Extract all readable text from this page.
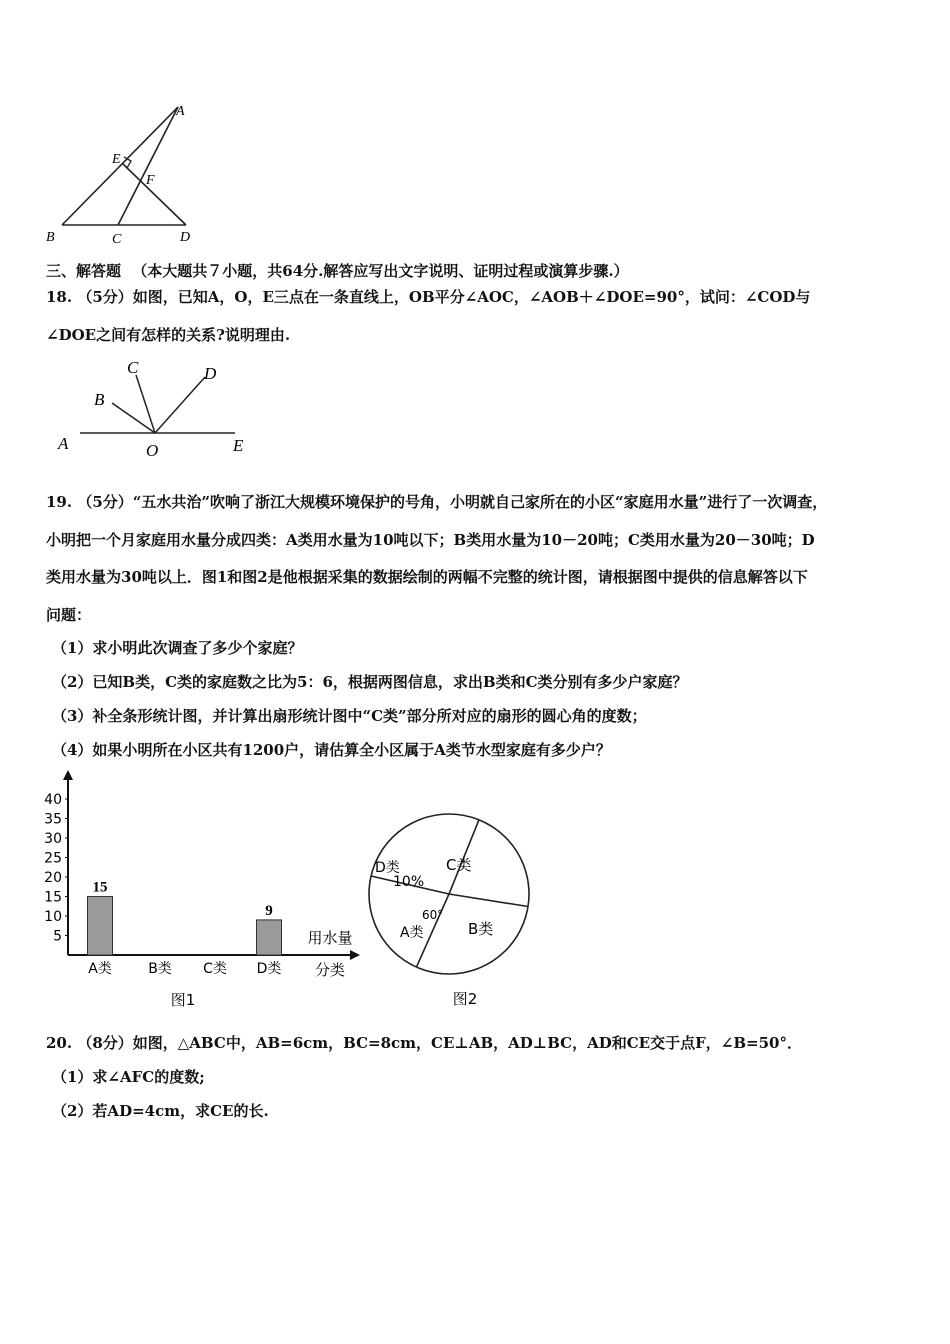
A
E
F
B	C	D
三、解答题 （本大题共７小题，共64分.解答应写出文字说明、证明过程或演算步骤.）
18. （5分）如图，已知A，O，E三点在一条直线上，OB平分∠AOC，∠AOB＋∠DOE=90°，试问：∠COD与
∠DOE之间有怎样的关系?说明理由.
C	D
B
A	O	E
19. （5分）“五水共治”吹响了浙江大规模环境保护的号角，小明就自己家所在的小区“家庭用水量”进行了一次调查，
小明把一个月家庭用水量分成四类：A类用水量为10吨以下；B类用水量为10－20吨；C类用水量为20－30吨；D
类用水量为30吨以上．图1和图2是他根据采集的数据绘制的两幅不完整的统计图，请根据图中提供的信息解答以下
问题：
（1）求小明此次调查了多少个家庭？
（2）已知B类，C类的家庭数之比为5：6，根据两图信息，求出B类和C类分别有多少户家庭？
（3）补全条形统计图，并计算出扇形统计图中“C类”部分所对应的扇形的圆心角的度数；
（4）如果小明所在小区共有1200户，请估算全小区属于A类节水型家庭有多少户？
5
10
15
20
25
30
35
40
15
A类	B类 C类
9
D类
用水量
分类
图1
C类
D类
10%
B类
60°
A类
图2
20. （8分）如图，△ABC中，AB=6cm，BC=8cm，CE⊥AB，AD⊥BC，AD和CE交于点F，∠B=50°．
（1）求∠AFC的度数;
（2）若AD=4cm，求CE的长.
